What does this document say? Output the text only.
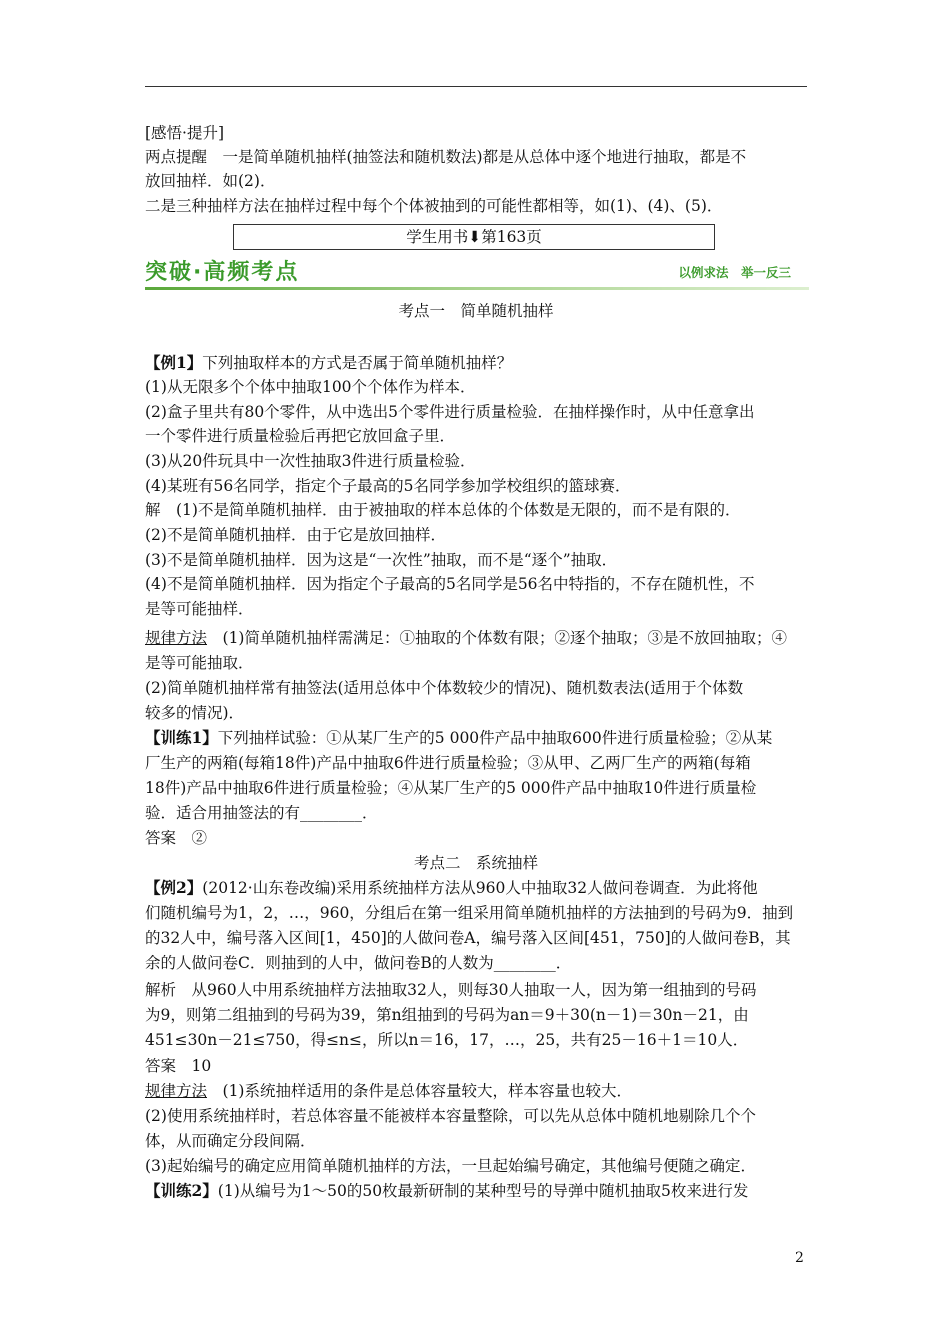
[感悟·提升]
两点提醒　一是简单随机抽样(抽签法和随机数法)都是从总体中逐个地进行抽取，都是不
放回抽样．如(2)．
二是三种抽样方法在抽样过程中每个个体被抽到的可能性都相等，如(1)、(4)、(5)．
学生用书⬇第163页
突破·高频考点	以例求法　举一反三
考点一　简单随机抽样
【例1】下列抽取样本的方式是否属于简单随机抽样？
(1)从无限多个个体中抽取100个个体作为样本．
(2)盒子里共有80个零件，从中选出5个零件进行质量检验．在抽样操作时，从中任意拿出
一个零件进行质量检验后再把它放回盒子里．
(3)从20件玩具中一次性抽取3件进行质量检验．
(4)某班有56名同学，指定个子最高的5名同学参加学校组织的篮球赛．
解　(1)不是简单随机抽样．由于被抽取的样本总体的个体数是无限的，而不是有限的．
(2)不是简单随机抽样．由于它是放回抽样．
(3)不是简单随机抽样．因为这是“一次性”抽取，而不是“逐个”抽取．
(4)不是简单随机抽样．因为指定个子最高的5名同学是56名中特指的，不存在随机性，不
是等可能抽样．
规律方法　(1)简单随机抽样需满足：①抽取的个体数有限；②逐个抽取；③是不放回抽取；④
是等可能抽取．
(2)简单随机抽样常有抽签法(适用总体中个体数较少的情况)、随机数表法(适用于个体数
较多的情况)．
【训练1】下列抽样试验：①从某厂生产的5 000件产品中抽取600件进行质量检验；②从某
厂生产的两箱(每箱18件)产品中抽取6件进行质量检验；③从甲、乙两厂生产的两箱(每箱
18件)产品中抽取6件进行质量检验；④从某厂生产的5 000件产品中抽取10件进行质量检
验．适合用抽签法的有________．
答案　②
考点二　系统抽样
【例2】(2012·山东卷改编)采用系统抽样方法从960人中抽取32人做问卷调查．为此将他
们随机编号为1，2，…，960，分组后在第一组采用简单随机抽样的方法抽到的号码为9．抽到
的32人中，编号落入区间[1，450]的人做问卷A，编号落入区间[451，750]的人做问卷B，其
余的人做问卷C．则抽到的人中，做问卷B的人数为________．
解析　从960人中用系统抽样方法抽取32人，则每30人抽取一人，因为第一组抽到的号码
为9，则第二组抽到的号码为39，第n组抽到的号码为an＝9＋30(n－1)＝30n－21，由
451≤30n－21≤750，得≤n≤，所以n＝16，17，…，25，共有25－16＋1＝10人．
答案　10
规律方法　(1)系统抽样适用的条件是总体容量较大，样本容量也较大．
(2)使用系统抽样时，若总体容量不能被样本容量整除，可以先从总体中随机地剔除几个个
体，从而确定分段间隔．
(3)起始编号的确定应用简单随机抽样的方法，一旦起始编号确定，其他编号便随之确定．
【训练2】(1)从编号为1～50的50枚最新研制的某种型号的导弹中随机抽取5枚来进行发
2
